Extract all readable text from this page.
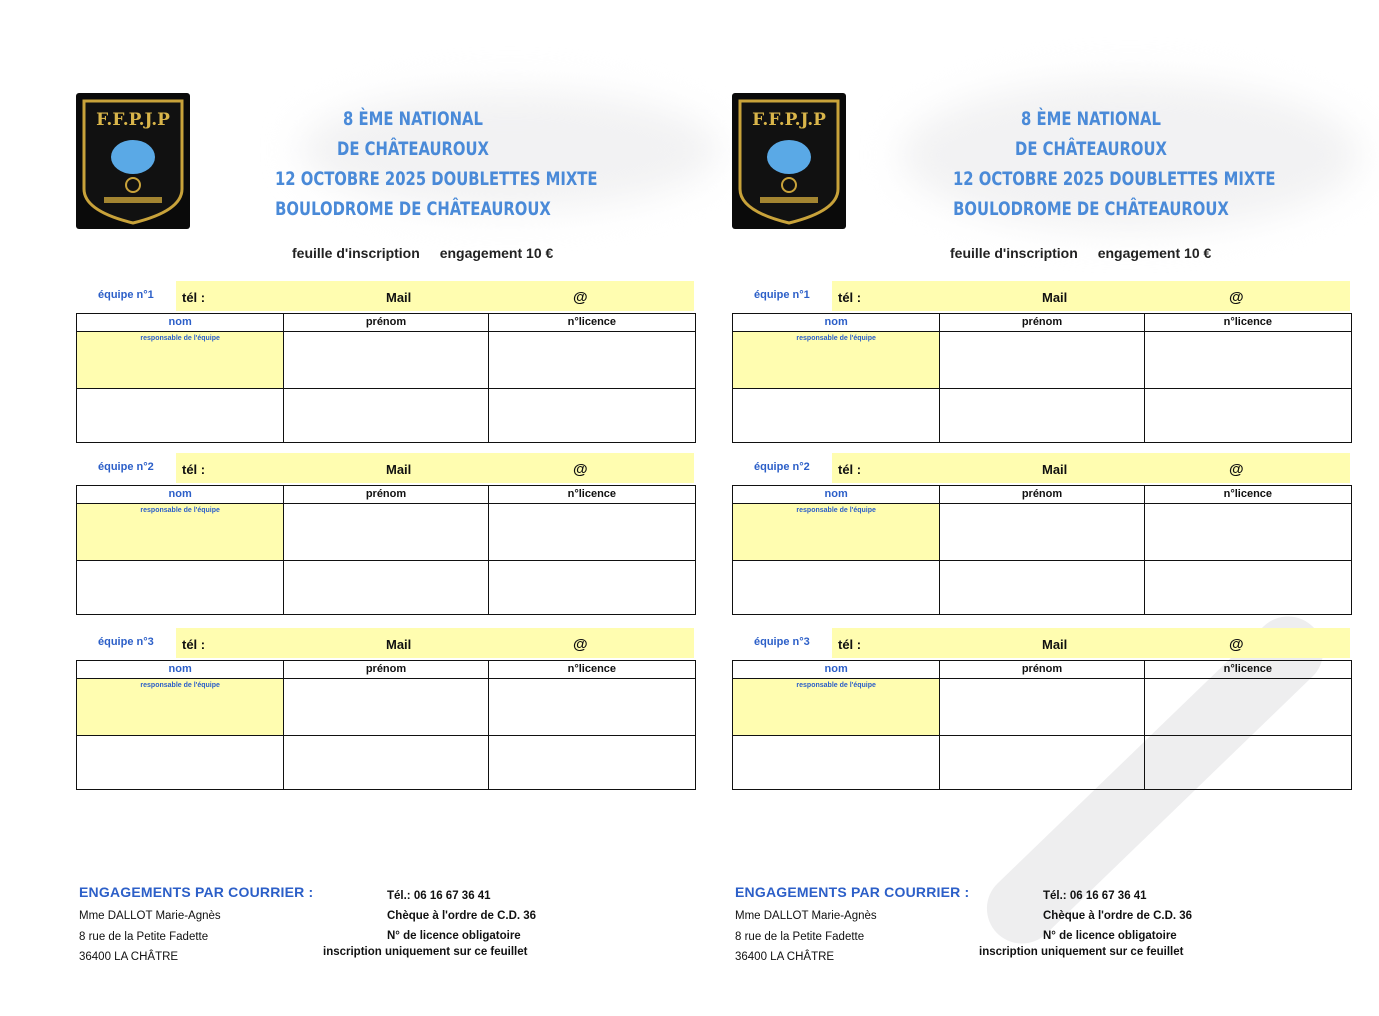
F.F.P.J.P	8 ÈME NATIONAL
DE CHÂTEAUROUX
12 OCTOBRE 2025 DOUBLETTES MIXTE
BOULODROME DE CHÂTEAUROUX
feuille d'inscription engagement 10 €
équipe n°1 tél :	Mail	@
nom	prénom	n°licence
responsable de l'équipe		

équipe n°2 tél :	Mail	@
nom	prénom	n°licence
responsable de l'équipe		

équipe n°3 tél :	Mail	@
nom	prénom	n°licence
responsable de l'équipe		

ENGAGEMENTS PAR COURRIER :
Mme DALLOT Marie-Agnès
8 rue de la Petite Fadette
36400 LA CHÂTRE
Tél.: 06 16 67 36 41
Chèque à l'ordre de C.D. 36
N° de licence obligatoire
inscription uniquement sur ce feuillet
F.F.P.J.P	8 ÈME NATIONAL
DE CHÂTEAUROUX
12 OCTOBRE 2025 DOUBLETTES MIXTE
BOULODROME DE CHÂTEAUROUX
feuille d'inscription engagement 10 €
équipe n°1 tél :	Mail	@
nom	prénom	n°licence
responsable de l'équipe		

équipe n°2 tél :	Mail	@
nom	prénom	n°licence
responsable de l'équipe		

équipe n°3 tél :	Mail	@
nom	prénom	n°licence
responsable de l'équipe		

ENGAGEMENTS PAR COURRIER :
Mme DALLOT Marie-Agnès
8 rue de la Petite Fadette
36400 LA CHÂTRE
Tél.: 06 16 67 36 41
Chèque à l'ordre de C.D. 36
N° de licence obligatoire
inscription uniquement sur ce feuillet
